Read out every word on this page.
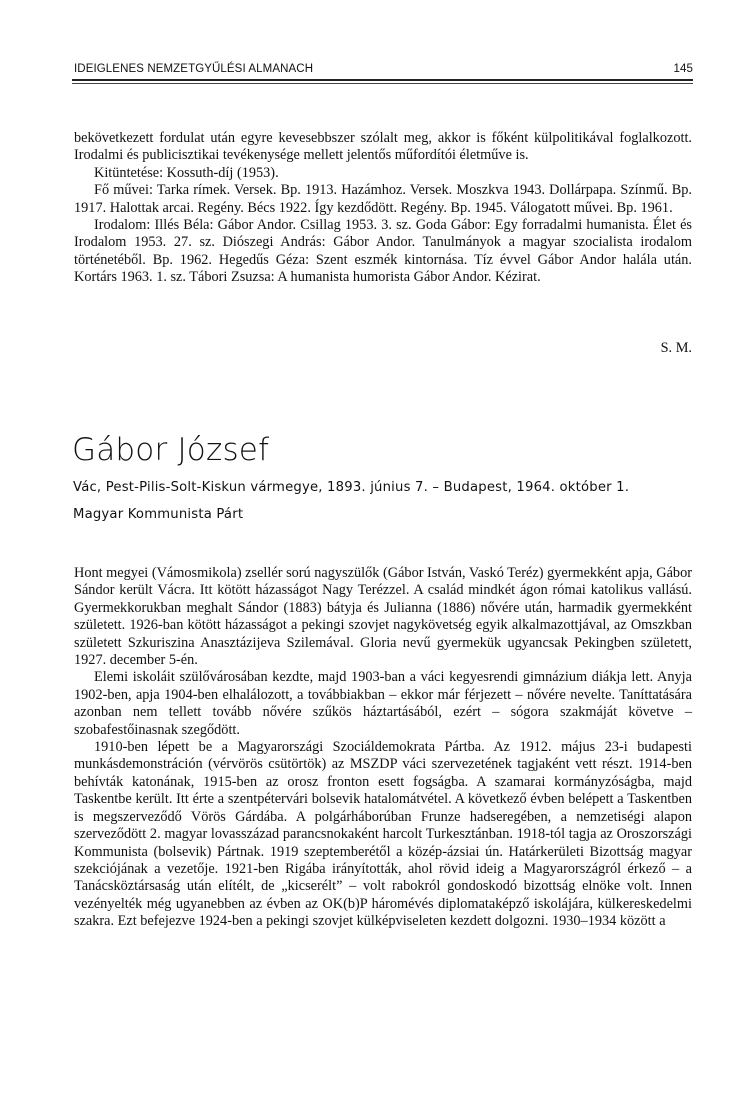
IDEIGLENES NEMZETGYŰLÉSI ALMANACH	145

bekövetkezett fordulat után egyre kevesebbszer szólalt meg, akkor is főként külpolitikával foglalkozott. Irodalmi és publicisztikai tevékenysége mellett jelentős műfordítói életműve is.

Kitüntetése: Kossuth-díj (1953).

Fő művei: Tarka rímek. Versek. Bp. 1913. Hazámhoz. Versek. Moszkva 1943. Dollárpapa. Színmű. Bp. 1917. Halottak arcai. Regény. Bécs 1922. Így kezdődött. Regény. Bp. 1945. Válogatott művei. Bp. 1961.

Irodalom: Illés Béla: Gábor Andor. Csillag 1953. 3. sz. Goda Gábor: Egy forradalmi humanista. Élet és Irodalom 1953. 27. sz. Diószegi András: Gábor Andor. Tanulmányok a magyar szocialista irodalom történetéből. Bp. 1962. Hegedűs Géza: Szent eszmék kintornása. Tíz évvel Gábor Andor halála után. Kortárs 1963. 1. sz. Tábori Zsuzsa: A humanista humorista Gábor Andor. Kézirat.

S. M.
Gábor József
Vác, Pest-Pilis-Solt-Kiskun vármegye, 1893. június 7. – Budapest, 1964. október 1.
Magyar Kommunista Párt

Hont megyei (Vámosmikola) zsellér sorú nagyszülők (Gábor István, Vaskó Teréz) gyermekként apja, Gábor Sándor került Vácra. Itt kötött házasságot Nagy Terézzel. A család mindkét ágon római katolikus vallású. Gyermekkorukban meghalt Sándor (1883) bátyja és Julianna (1886) nővére után, harmadik gyermekként született. 1926-ban kötött házasságot a pekingi szovjet nagykövetség egyik alkalmazottjával, az Omszkban született Szkuriszina Anasztázijeva Szilemával. Gloria nevű gyermekük ugyancsak Pekingben született, 1927. december 5-én.

Elemi iskoláit szülővárosában kezdte, majd 1903-ban a váci kegyesrendi gimnázium diákja lett. Anyja 1902-ben, apja 1904-ben elhalálozott, a továbbiakban – ekkor már férjezett – nővére nevelte. Taníttatására azonban nem tellett tovább nővére szűkös háztartásából, ezért – sógora szakmáját követve – szobafestőinasnak szegődött.

1910-ben lépett be a Magyarországi Szociáldemokrata Pártba. Az 1912. május 23-i budapesti munkásdemonstráción (vérvörös csütörtök) az MSZDP váci szervezetének tagjaként vett részt. 1914-ben behívták katonának, 1915-ben az orosz fronton esett fogságba. A szamarai kormányzóságba, majd Taskentbe került. Itt érte a szentpétervári bolsevik hatalomátvétel. A következő évben belépett a Taskentben is megszerveződő Vörös Gárdába. A polgárháborúban Frunze hadseregében, a nemzetiségi alapon szerveződött 2. magyar lovasszázad parancsnokaként harcolt Turkesztánban. 1918-tól tagja az Oroszországi Kommunista (bolsevik) Pártnak. 1919 szeptemberétől a közép-ázsiai ún. Határkerületi Bizottság magyar szekciójának a vezetője. 1921-ben Rigába irányították, ahol rövid ideig a Magyarországról érkező – a Tanácsköztársaság után elítélt, de „kicserélt” – volt rabokról gondoskodó bizottság elnöke volt. Innen vezényelték még ugyanebben az évben az OK(b)P háromévés diplomataképző iskolájára, külkereskedelmi szakra. Ezt befejezve 1924-ben a pekingi szovjet külképviseleten kezdett dolgozni. 1930–1934 között a
